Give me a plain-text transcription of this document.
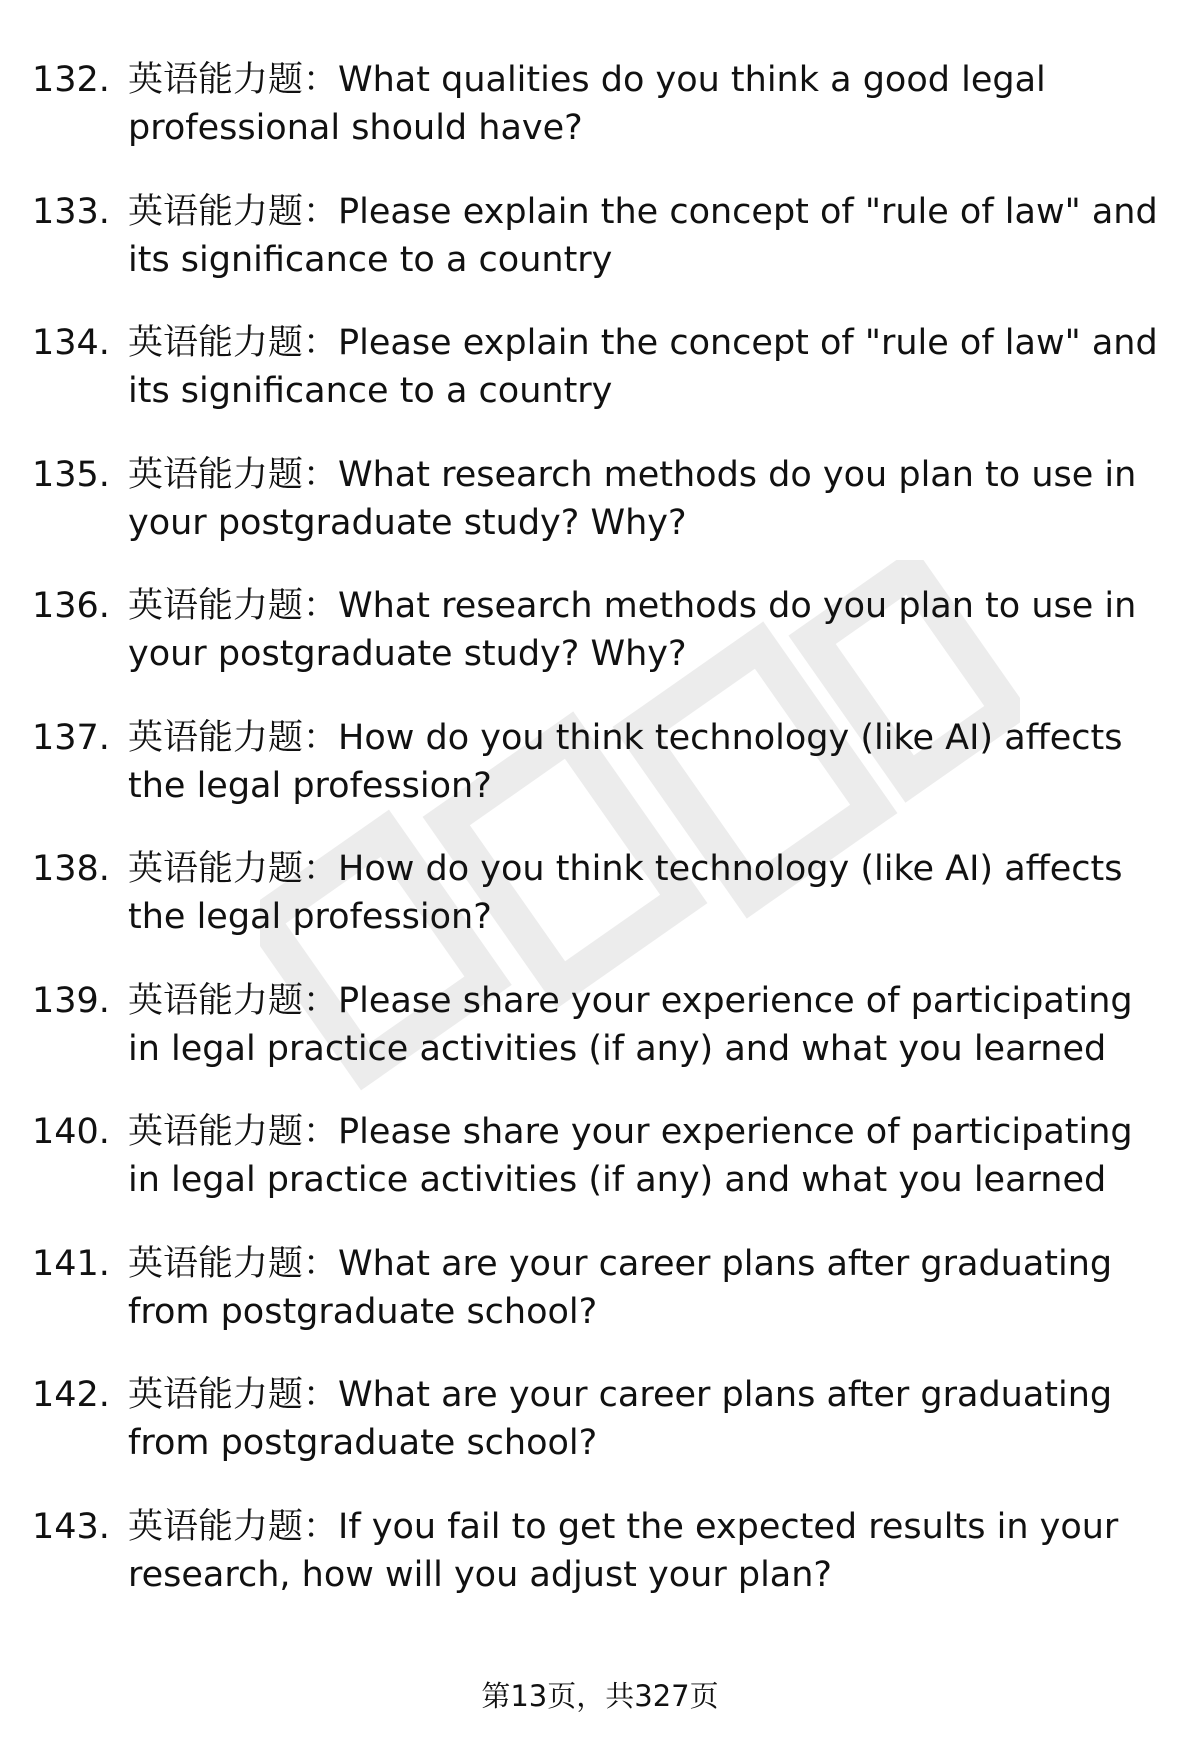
132. 英语能力题：What qualities do you think a good legal professional should have?
133. 英语能力题：Please explain the concept of "rule of law" and its significance to a country
134. 英语能力题：Please explain the concept of "rule of law" and its significance to a country
135. 英语能力题：What research methods do you plan to use in your postgraduate study? Why?
136. 英语能力题：What research methods do you plan to use in your postgraduate study? Why?
137. 英语能力题：How do you think technology (like AI) affects the legal profession?
138. 英语能力题：How do you think technology (like AI) affects the legal profession?
139. 英语能力题：Please share your experience of participating in legal practice activities (if any) and what you learned
140. 英语能力题：Please share your experience of participating in legal practice activities (if any) and what you learned
141. 英语能力题：What are your career plans after graduating from postgraduate school?
142. 英语能力题：What are your career plans after graduating from postgraduate school?
143. 英语能力题：If you fail to get the expected results in your research, how will you adjust your plan?
第13页，共327页
